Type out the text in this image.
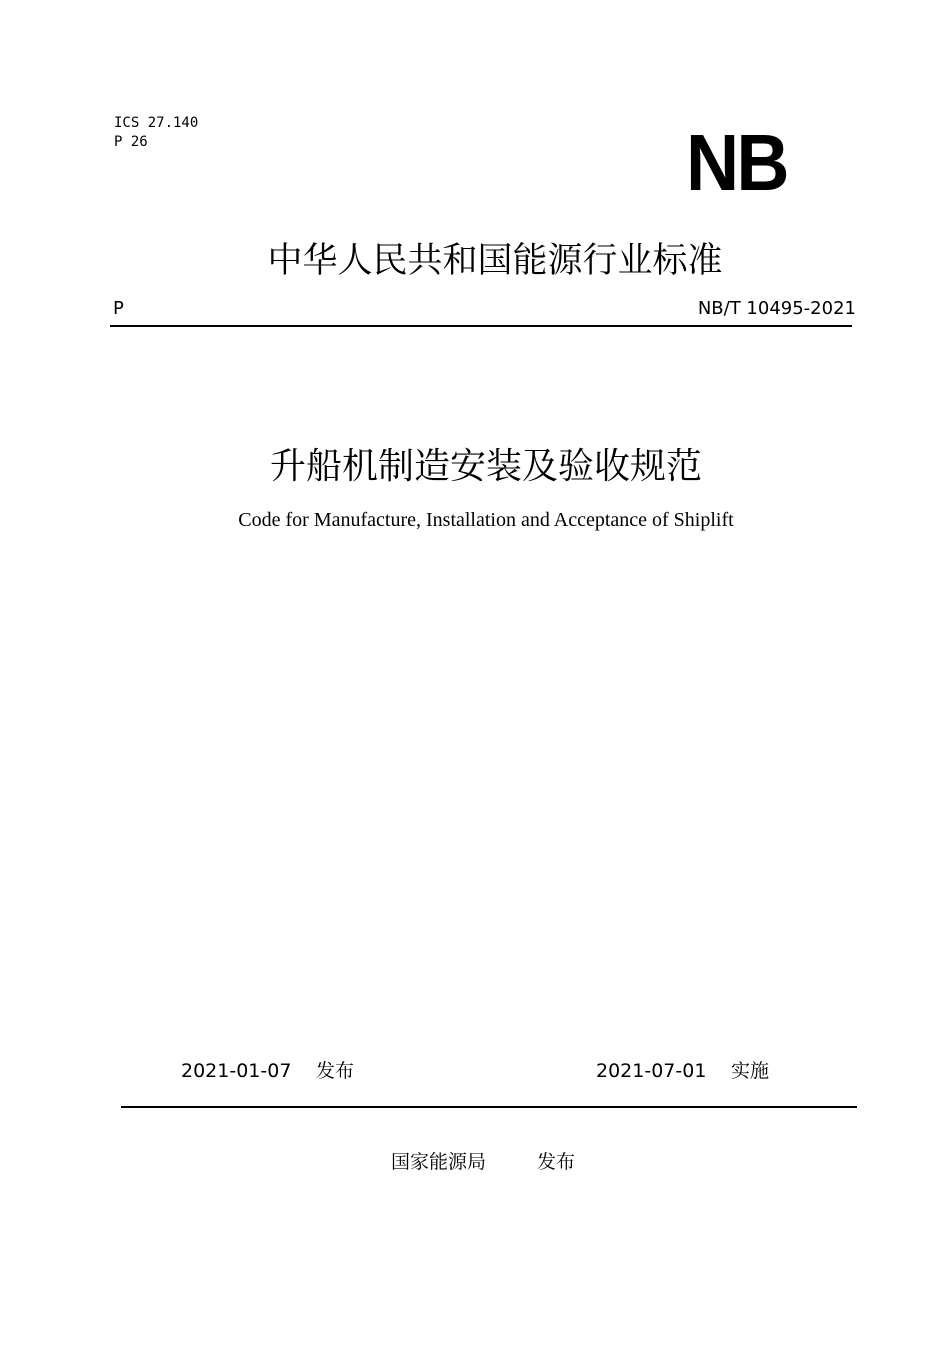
ICS 27.140
P 26	NB
中华人民共和国能源行业标准
P	NB/T 10495-2021
升船机制造安装及验收规范
Code for Manufacture, Installation and Acceptance of Shiplift
2021-01-07 发布	2021-07-01 实施
国家能源局	发布
